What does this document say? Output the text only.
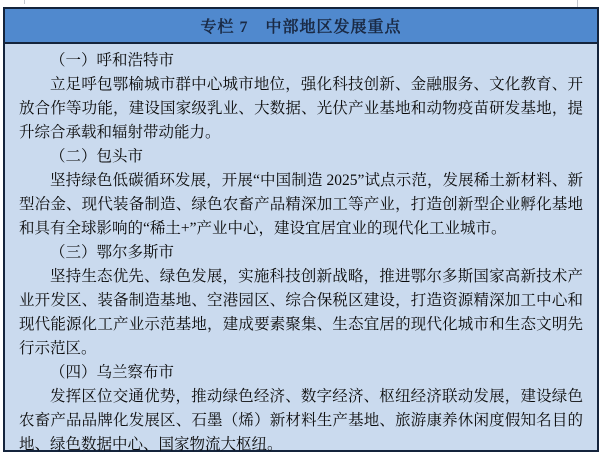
专栏 7　中部地区发展重点
（一）呼和浩特市

立足呼包鄂榆城市群中心城市地位，强化科技创新、金融服务、文化教育、开放合作等功能，建设国家级乳业、大数据、光伏产业基地和动物疫苗研发基地，提升综合承载和辐射带动能力。

（二）包头市

坚持绿色低碳循环发展，开展“中国制造 2025”试点示范，发展稀土新材料、新型冶金、现代装备制造、绿色农畜产品精深加工等产业，打造创新型企业孵化基地和具有全球影响的“稀土+”产业中心，建设宜居宜业的现代化工业城市。

（三）鄂尔多斯市

坚持生态优先、绿色发展，实施科技创新战略，推进鄂尔多斯国家高新技术产业开发区、装备制造基地、空港园区、综合保税区建设，打造资源精深加工中心和现代能源化工产业示范基地，建成要素聚集、生态宜居的现代化城市和生态文明先行示范区。

（四）乌兰察布市

发挥区位交通优势，推动绿色经济、数字经济、枢纽经济联动发展，建设绿色农畜产品品牌化发展区、石墨（烯）新材料生产基地、旅游康养休闲度假知名目的地、绿色数据中心、国家物流大枢纽。
